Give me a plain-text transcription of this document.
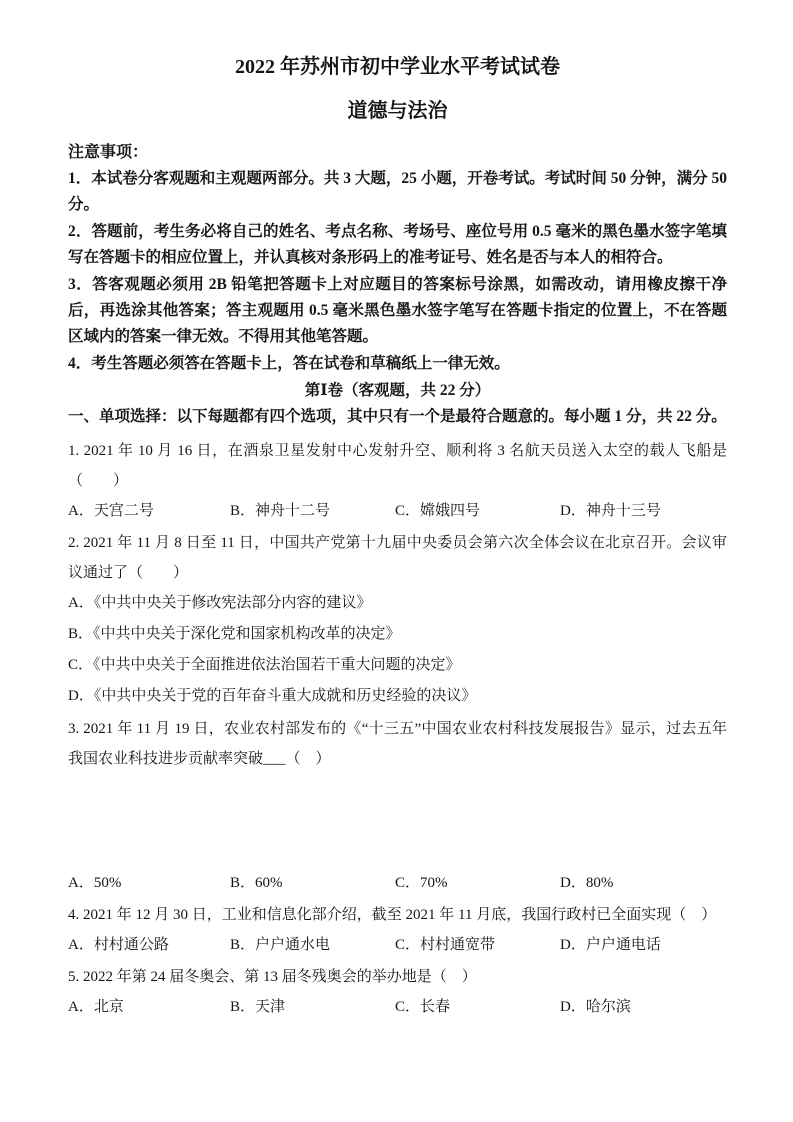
2022 年苏州市初中学业水平考试试卷
道德与法治

注意事项：

1．本试卷分客观题和主观题两部分。共 3 大题，25 小题，开卷考试。考试时间 50 分钟，满分 50 分。

2．答题前，考生务必将自己的姓名、考点名称、考场号、座位号用 0.5 毫米的黑色墨水签字笔填写在答题卡的相应位置上，并认真核对条形码上的准考证号、姓名是否与本人的相符合。

3．答客观题必须用 2B 铅笔把答题卡上对应题目的答案标号涂黑，如需改动，请用橡皮擦干净后，再选涂其他答案；答主观题用 0.5 毫米黑色墨水签字笔写在答题卡指定的位置上，不在答题区域内的答案一律无效。不得用其他笔答题。

4．考生答题必须答在答题卡上，答在试卷和草稿纸上一律无效。

第Ⅰ卷（客观题，共 22 分）

一、单项选择：以下每题都有四个选项，其中只有一个是最符合题意的。每小题 1 分，共 22 分。

1. 2021 年 10 月 16 日，在酒泉卫星发射中心发射升空、顺利将 3 名航天员送入太空的载人飞船是（　　）

A．天宫二号	B．神舟十二号	C．嫦娥四号	D．神舟十三号

2. 2021 年 11 月 8 日至 11 日，中国共产党第十九届中央委员会第六次全体会议在北京召开。会议审议通过了（　　）

A．《中共中央关于修改宪法部分内容的建议》
B．《中共中央关于深化党和国家机构改革的决定》
C．《中共中央关于全面推进依法治国若干重大问题的决定》
D．《中共中央关于党的百年奋斗重大成就和历史经验的决议》

3. 2021 年 11 月 19 日，农业农村部发布的《“十三五”中国农业农村科技发展报告》显示，过去五年我国农业科技进步贡献率突破___（　）

A．50%	B．60%	C．70%	D．80%

4. 2021 年 12 月 30 日，工业和信息化部介绍，截至 2021 年 11 月底，我国行政村已全面实现（　）

A．村村通公路	B．户户通水电	C．村村通宽带	D．户户通电话

5. 2022 年第 24 届冬奥会、第 13 届冬残奥会的举办地是（　）

A．北京	B．天津	C．长春	D．哈尔滨
